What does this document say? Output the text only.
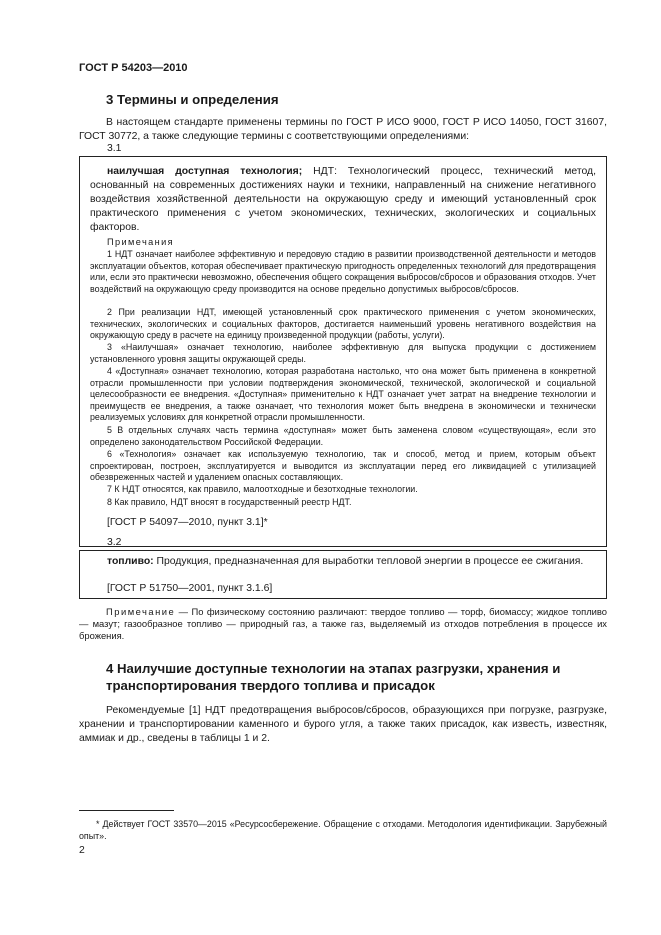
ГОСТ Р 54203—2010
3 Термины и определения
В настоящем стандарте применены термины по ГОСТ Р ИСО 9000, ГОСТ Р ИСО 14050, ГОСТ 31607, ГОСТ 30772, а также следующие термины с соответствующими определениями:
3.1
наилучшая доступная технология; НДТ: Технологический процесс, технический метод, основанный на современных достижениях науки и техники, направленный на снижение негативного воздействия хозяйственной деятельности на окружающую среду и имеющий установленный срок практического применения с учетом экономических, технических, экологических и социальных факторов.
Примечания
1 НДТ означает наиболее эффективную и передовую стадию в развитии производственной деятельности и методов эксплуатации объектов, которая обеспечивает практическую пригодность определенных технологий для предотвращения или, если это практически невозможно, обеспечения общего сокращения выбросов/сбросов и образования отходов. Учет воздействий на окружающую среду производится на основе предельно допустимых выбросов/сбросов.
2 При реализации НДТ, имеющей установленный срок практического применения с учетом экономических, технических, экологических и социальных факторов, достигается наименьший уровень негативного воздействия на окружающую среду в расчете на единицу произведенной продукции (работы, услуги).
3 «Наилучшая» означает технологию, наиболее эффективную для выпуска продукции с достижением установленного уровня защиты окружающей среды.
4 «Доступная» означает технологию, которая разработана настолько, что она может быть применена в конкретной отрасли промышленности при условии подтверждения экономической, технической, экологической и социальной целесообразности ее внедрения. «Доступная» применительно к НДТ означает учет затрат на внедрение технологии и преимуществ ее внедрения, а также означает, что технология может быть внедрена в экономически и технически реализуемых условиях для конкретной отрасли промышленности.
5 В отдельных случаях часть термина «доступная» может быть заменена словом «существующая», если это определено законодательством Российской Федерации.
6 «Технология» означает как используемую технологию, так и способ, метод и прием, которым объект спроектирован, построен, эксплуатируется и выводится из эксплуатации перед его ликвидацией с утилизацией обезвреженных частей и удалением опасных составляющих.
7 К НДТ относятся, как правило, малоотходные и безотходные технологии.
8 Как правило, НДТ вносят в государственный реестр НДТ.
[ГОСТ Р 54097—2010, пункт 3.1]*
3.2
топливо: Продукция, предназначенная для выработки тепловой энергии в процессе ее сжигания.
[ГОСТ Р 51750—2001, пункт 3.1.6]
Примечание — По физическому состоянию различают: твердое топливо — торф, биомассу; жидкое топливо — мазут; газообразное топливо — природный газ, а также газ, выделяемый из отходов потребления в процессе их брожения.
4 Наилучшие доступные технологии на этапах разгрузки, хранения и транспортирования твердого топлива и присадок
Рекомендуемые [1] НДТ предотвращения выбросов/сбросов, образующихся при погрузке, разгрузке, хранении и транспортировании каменного и бурого угля, а также таких присадок, как известь, известняк, аммиак и др., сведены в таблицы 1 и 2.
* Действует ГОСТ 33570—2015 «Ресурсосбережение. Обращение с отходами. Методология идентификации. Зарубежный опыт».
2
